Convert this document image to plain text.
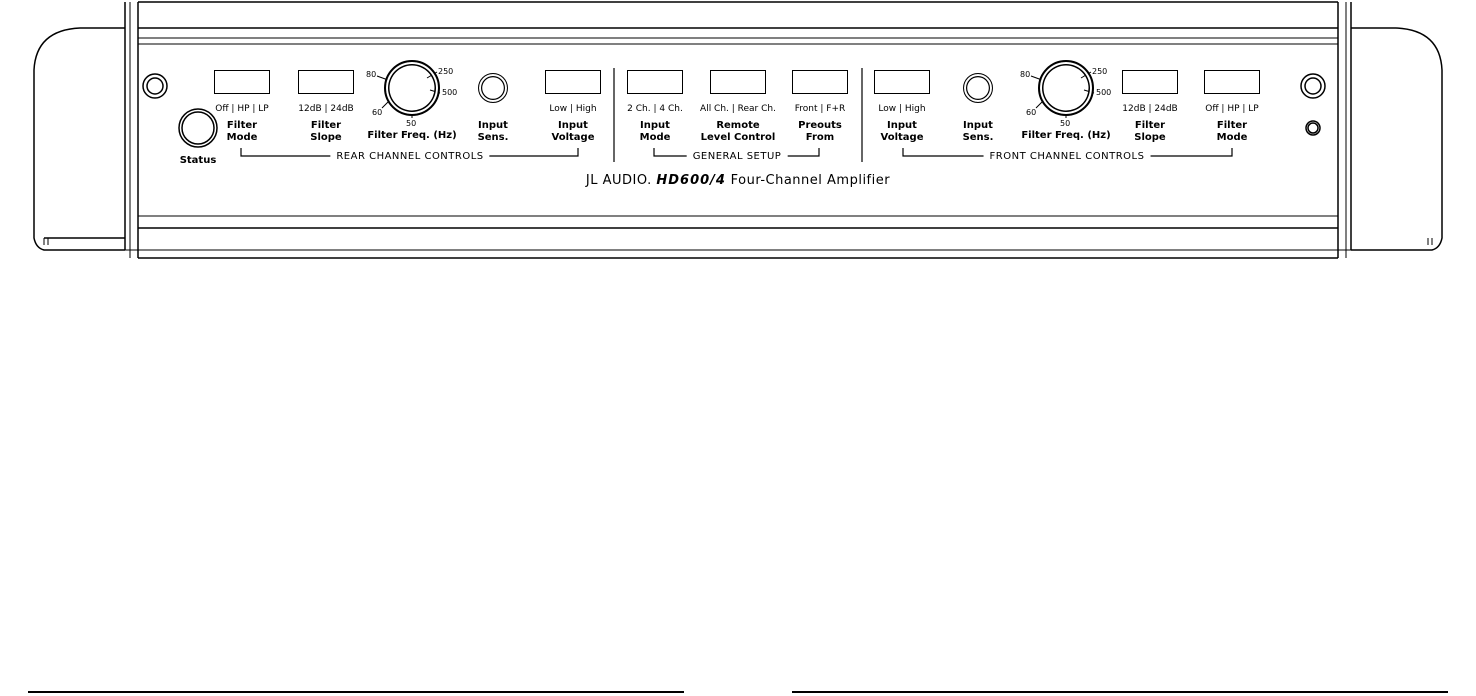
Off | HP | LP
Filter
Mode
12dB | 24dB
Filter
Slope
80	250
60
500
50
Filter Freq. (Hz)
Input
Sens.
Low | High
Input
Voltage
REAR CHANNEL CONTROLS
2 Ch. | 4 Ch.
Input
Mode
All Ch. | Rear Ch.
Remote
Level Control
Front | F+R
Preouts
From
GENERAL SETUP
Low | High
Input
Voltage
Input
Sens.
80	250
60
500
50
Filter Freq. (Hz)
12dB | 24dB
Filter
Slope
Off | HP | LP
Filter
Mode
FRONT CHANNEL CONTROLS
Status
JL AUDIO. HD600/4 Four-Channel Amplifier
